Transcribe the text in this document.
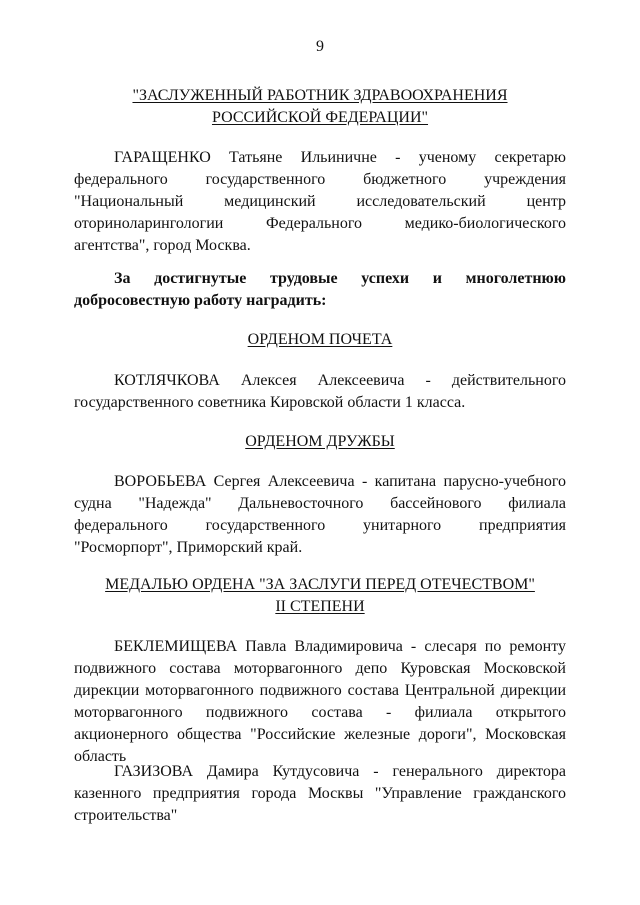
9
"ЗАСЛУЖЕННЫЙ РАБОТНИК ЗДРАВООХРАНЕНИЯ
РОССИЙСКОЙ ФЕДЕРАЦИИ"

ГАРАЩЕНКО Татьяне Ильиничне - ученому секретарю федерального государственного бюджетного учреждения "Национальный медицинский исследовательский центр оториноларингологии Федерального медико-биологического агентства", город Москва.

За достигнутые трудовые успехи и многолетнюю добросовестную работу наградить:

ОРДЕНОМ ПОЧЕТА

КОТЛЯЧКОВА Алексея Алексеевича - действительного государственного советника Кировской области 1 класса.

ОРДЕНОМ ДРУЖБЫ

ВОРОБЬЕВА Сергея Алексеевича - капитана парусно-учебного судна "Надежда" Дальневосточного бассейнового филиала федерального государственного унитарного предприятия "Росморпорт", Приморский край.

МЕДАЛЬЮ ОРДЕНА "ЗА ЗАСЛУГИ ПЕРЕД ОТЕЧЕСТВОМ"
II СТЕПЕНИ

БЕКЛЕМИЩЕВА Павла Владимировича - слесаря по ремонту подвижного состава моторвагонного депо Куровская Московской дирекции моторвагонного подвижного состава Центральной дирекции моторвагонного подвижного состава - филиала открытого акционерного общества "Российские железные дороги", Московская область

ГАЗИЗОВА Дамира Кутдусовича - генерального директора казенного предприятия города Москвы "Управление гражданского строительства"
